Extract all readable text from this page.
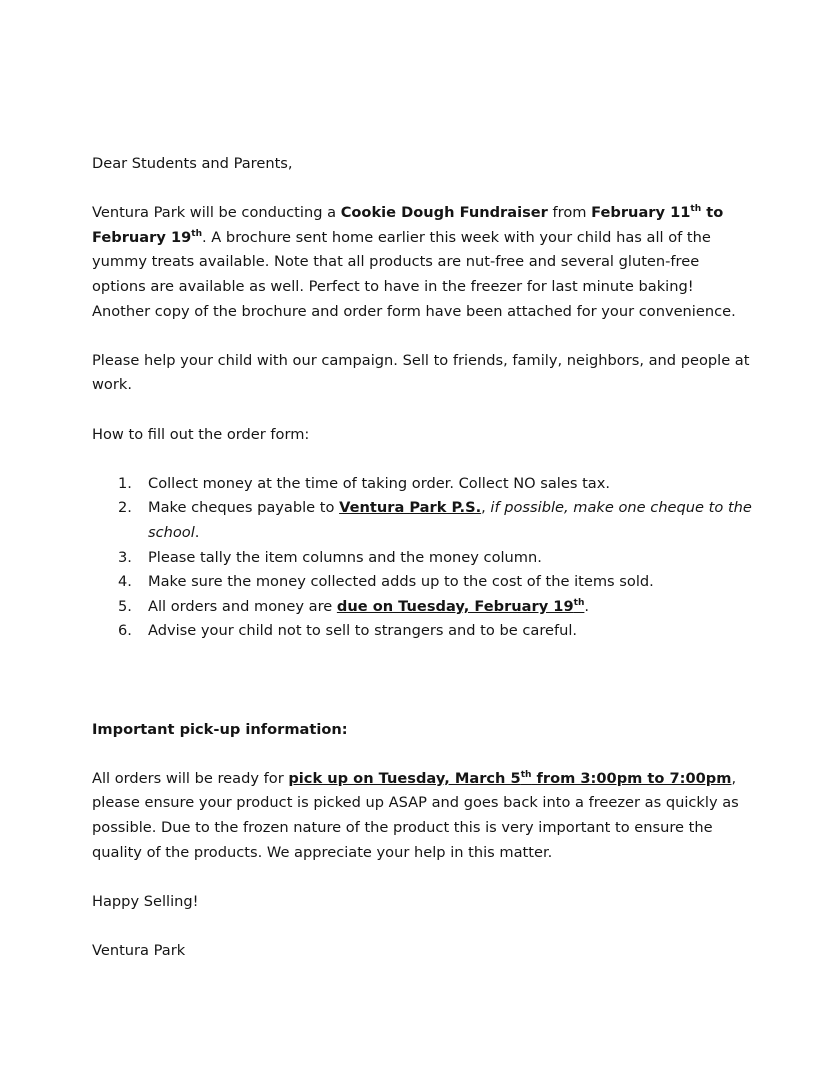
Dear Students and Parents,

Ventura Park will be conducting a Cookie Dough Fundraiser from February 11th to February 19th. A brochure sent home earlier this week with your child has all of the yummy treats available. Note that all products are nut-free and several gluten-free options are available as well. Perfect to have in the freezer for last minute baking! Another copy of the brochure and order form have been attached for your convenience.

Please help your child with our campaign. Sell to friends, family, neighbors, and people at work.

How to fill out the order form:

Collect money at the time of taking order. Collect NO sales tax.
Make cheques payable to Ventura Park P.S., if possible, make one cheque to the school.
Please tally the item columns and the money column.
Make sure the money collected adds up to the cost of the items sold.
All orders and money are due on Tuesday, February 19th.
Advise your child not to sell to strangers and to be careful.

Important pick-up information:

All orders will be ready for pick up on Tuesday, March 5th from 3:00pm to 7:00pm, please ensure your product is picked up ASAP and goes back into a freezer as quickly as possible. Due to the frozen nature of the product this is very important to ensure the quality of the products. We appreciate your help in this matter.

Happy Selling!

Ventura Park
